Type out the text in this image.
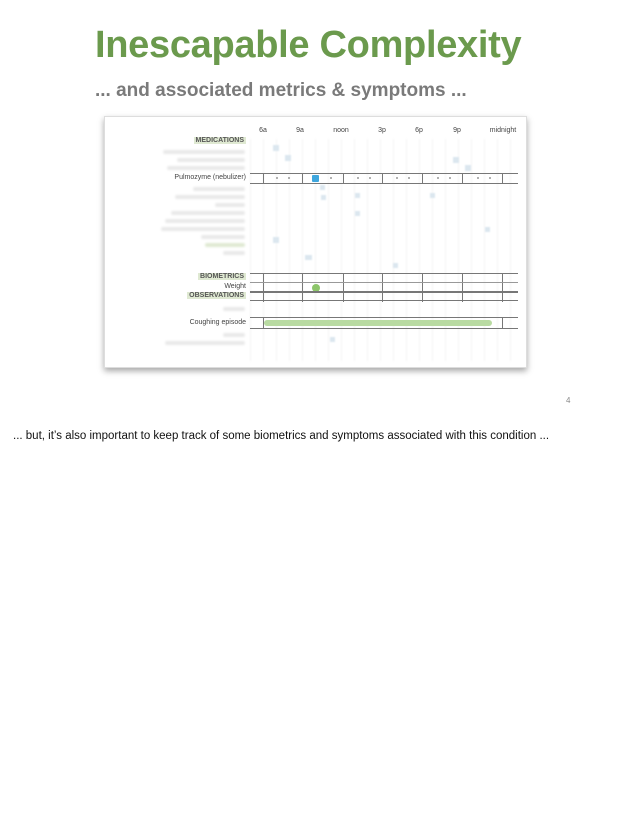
Inescapable Complexity
... and associated metrics & symptoms ...
6a	9a	noon	3p	6p	9p	midnight
MEDICATIONS
Pulmozyme (nebulizer)
BIOMETRICS
Weight
OBSERVATIONS
Coughing episode
4
... but, it’s also important to keep track of some biometrics and symptoms associated with this condition ...
